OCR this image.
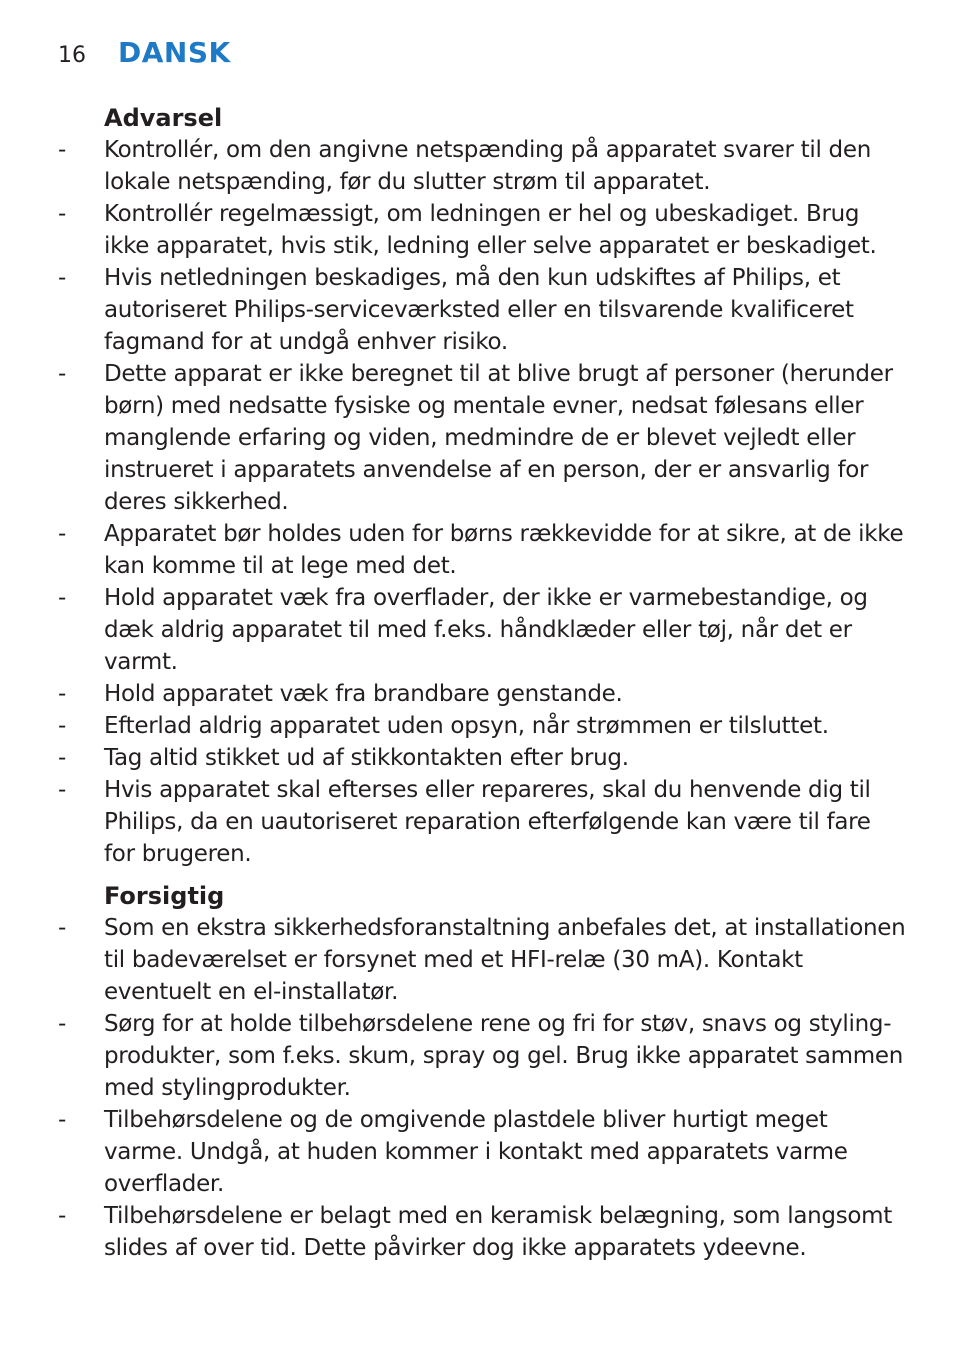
16	DANSK
Advarsel
-	Kontrollér, om den angivne netspænding på apparatet svarer til den lokale netspænding, før du slutter strøm til apparatet.
-	Kontrollér regelmæssigt, om ledningen er hel og ubeskadiget. Brug ikke apparatet, hvis stik, ledning eller selve apparatet er beskadiget.
-	Hvis netledningen beskadiges, må den kun udskiftes af Philips, et autoriseret Philips-serviceværksted eller en tilsvarende kvalificeret fagmand for at undgå enhver risiko.
-	Dette apparat er ikke beregnet til at blive brugt af personer (herunder børn) med nedsatte fysiske og mentale evner, nedsat følesans eller manglende erfaring og viden, medmindre de er blevet vejledt eller instrueret i apparatets anvendelse af en person, der er ansvarlig for deres sikkerhed.
-	Apparatet bør holdes uden for børns rækkevidde for at sikre, at de ikke kan komme til at lege med det.
-	Hold apparatet væk fra overflader, der ikke er varmebestandige, og dæk aldrig apparatet til med f.eks. håndklæder eller tøj, når det er varmt.
-	Hold apparatet væk fra brandbare genstande.
-	Efterlad aldrig apparatet uden opsyn, når strømmen er tilsluttet.
-	Tag altid stikket ud af stikkontakten efter brug.
-	Hvis apparatet skal efterses eller repareres, skal du henvende dig til Philips, da en uautoriseret reparation efterfølgende kan være til fare for brugeren.
Forsigtig
-	Som en ekstra sikkerhedsforanstaltning anbefales det, at installationen til badeværelset er forsynet med et HFI-relæ (30 mA). Kontakt eventuelt en el-installatør.
-	Sørg for at holde tilbehørsdelene rene og fri for støv, snavs og styling-produkter, som f.eks. skum, spray og gel. Brug ikke apparatet sammen med stylingprodukter.
-	Tilbehørsdelene og de omgivende plastdele bliver hurtigt meget varme. Undgå, at huden kommer i kontakt med apparatets varme overflader.
-	Tilbehørsdelene er belagt med en keramisk belægning, som langsomt slides af over tid. Dette påvirker dog ikke apparatets ydeevne.
